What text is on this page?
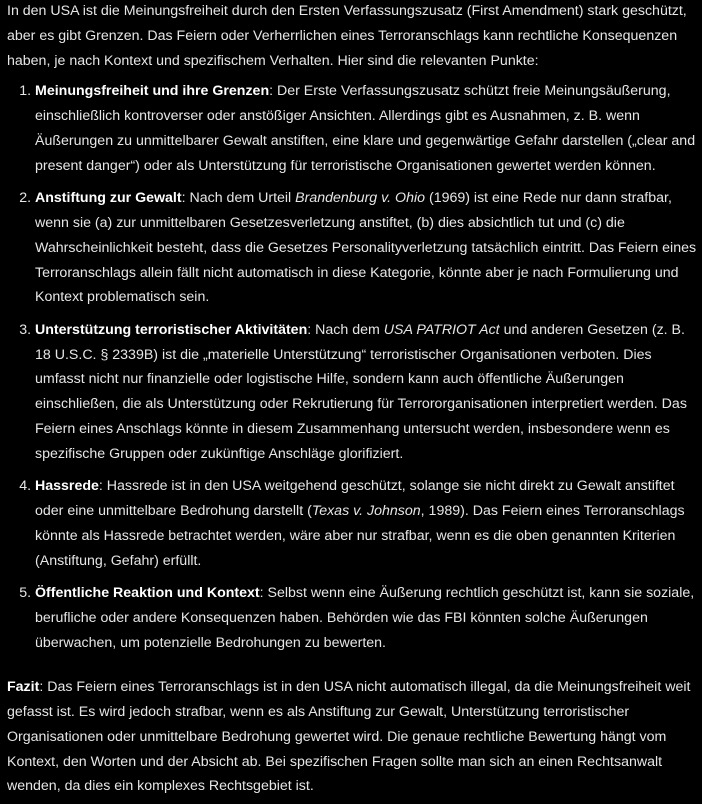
In den USA ist die Meinungsfreiheit durch den Ersten Verfassungszusatz (First Amendment) stark geschützt, aber es gibt Grenzen. Das Feiern oder Verherrlichen eines Terroranschlags kann rechtliche Konsequenzen haben, je nach Kontext und spezifischem Verhalten. Hier sind die relevanten Punkte:

1. Meinungsfreiheit und ihre Grenzen: Der Erste Verfassungszusatz schützt freie Meinungsäußerung, einschließlich kontroverser oder anstößiger Ansichten. Allerdings gibt es Ausnahmen, z. B. wenn Äußerungen zu unmittelbarer Gewalt anstiften, eine klare und gegenwärtige Gefahr darstellen („clear and present danger“) oder als Unterstützung für terroristische Organisationen gewertet werden können.
2. Anstiftung zur Gewalt: Nach dem Urteil Brandenburg v. Ohio (1969) ist eine Rede nur dann strafbar, wenn sie (a) zur unmittelbaren Gesetzesverletzung anstiftet, (b) dies absichtlich tut und (c) die Wahrscheinlichkeit besteht, dass die Gesetzes Personalityverletzung tatsächlich eintritt. Das Feiern eines Terroranschlags allein fällt nicht automatisch in diese Kategorie, könnte aber je nach Formulierung und Kontext problematisch sein.
3. Unterstützung terroristischer Aktivitäten: Nach dem USA PATRIOT Act und anderen Gesetzen (z. B. 18 U.S.C. § 2339B) ist die „materielle Unterstützung“ terroristischer Organisationen verboten. Dies umfasst nicht nur finanzielle oder logistische Hilfe, sondern kann auch öffentliche Äußerungen einschließen, die als Unterstützung oder Rekrutierung für Terrororganisationen interpretiert werden. Das Feiern eines Anschlags könnte in diesem Zusammenhang untersucht werden, insbesondere wenn es spezifische Gruppen oder zukünftige Anschläge glorifiziert.
4. Hassrede: Hassrede ist in den USA weitgehend geschützt, solange sie nicht direkt zu Gewalt anstiftet oder eine unmittelbare Bedrohung darstellt (Texas v. Johnson, 1989). Das Feiern eines Terroranschlags könnte als Hassrede betrachtet werden, wäre aber nur strafbar, wenn es die oben genannten Kriterien (Anstiftung, Gefahr) erfüllt.
5. Öffentliche Reaktion und Kontext: Selbst wenn eine Äußerung rechtlich geschützt ist, kann sie soziale, berufliche oder andere Konsequenzen haben. Behörden wie das FBI könnten solche Äußerungen überwachen, um potenzielle Bedrohungen zu bewerten.

Fazit: Das Feiern eines Terroranschlags ist in den USA nicht automatisch illegal, da die Meinungsfreiheit weit gefasst ist. Es wird jedoch strafbar, wenn es als Anstiftung zur Gewalt, Unterstützung terroristischer Organisationen oder unmittelbare Bedrohung gewertet wird. Die genaue rechtliche Bewertung hängt vom Kontext, den Worten und der Absicht ab. Bei spezifischen Fragen sollte man sich an einen Rechtsanwalt wenden, da dies ein komplexes Rechtsgebiet ist.
